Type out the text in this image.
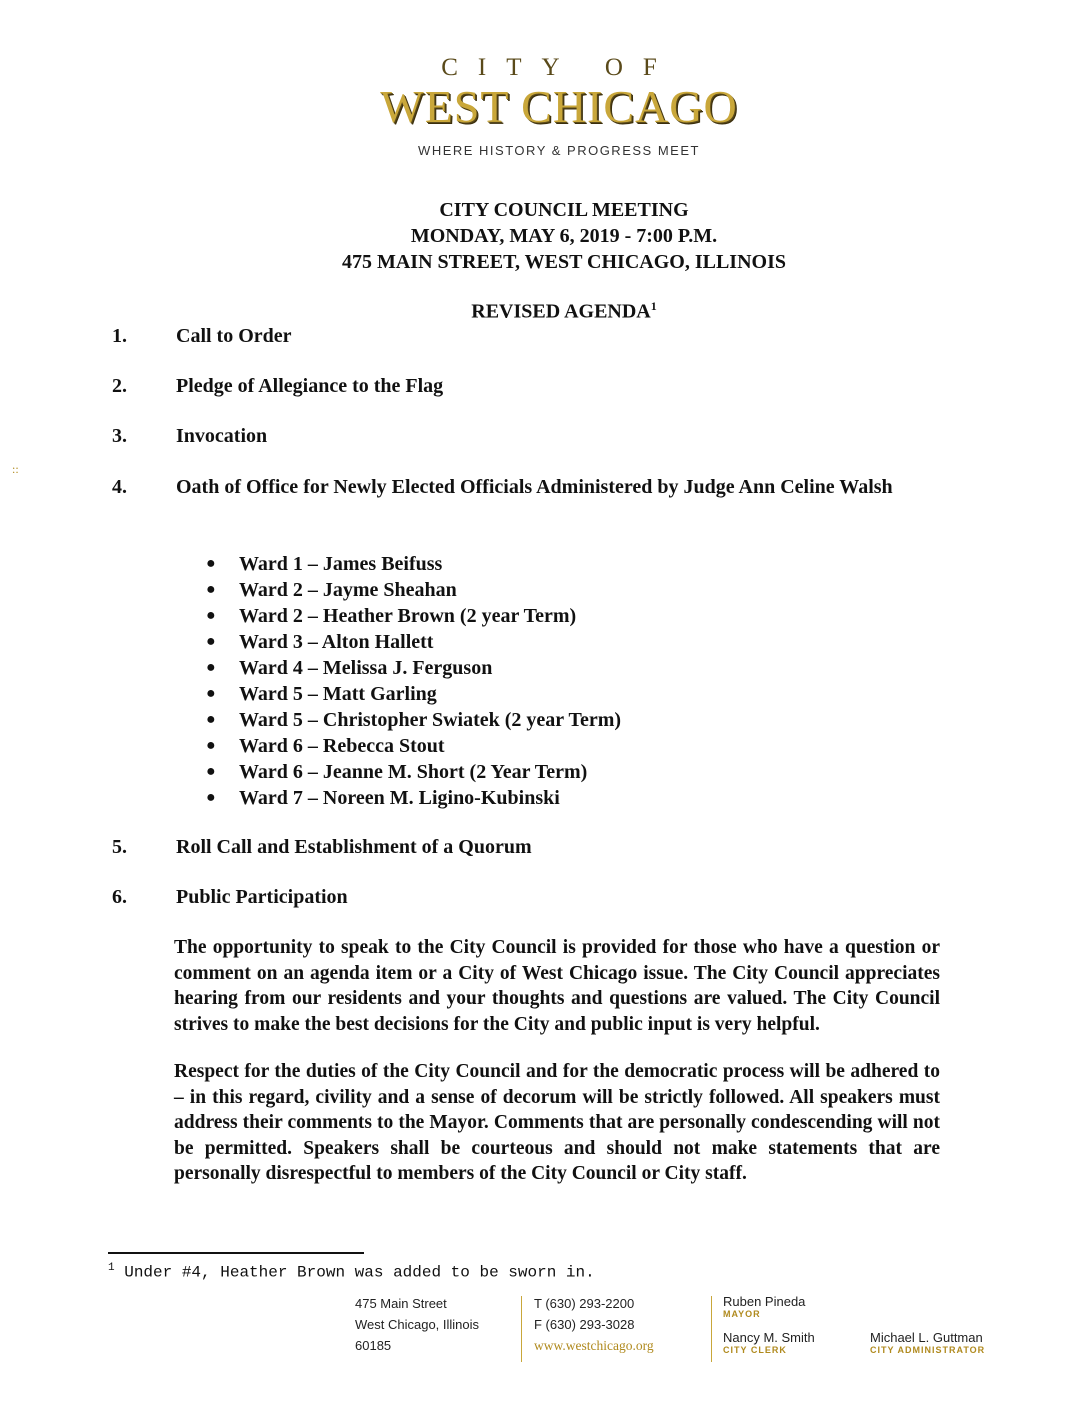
CITY OF
WEST CHICAGO
WHERE HISTORY & PROGRESS MEET
CITY COUNCIL MEETING
MONDAY, MAY 6, 2019 - 7:00 P.M.
475 MAIN STREET, WEST CHICAGO, ILLINOIS
REVISED AGENDA$^1$
1. Call to Order
2. Pledge of Allegiance to the Flag
3. Invocation
::
4. Oath of Office for Newly Elected Officials Administered by Judge Ann Celine Walsh
● Ward 1 – James Beifuss
● Ward 2 – Jayme Sheahan
● Ward 2 – Heather Brown (2 year Term)
● Ward 3 – Alton Hallett
● Ward 4 – Melissa J. Ferguson
● Ward 5 – Matt Garling
● Ward 5 – Christopher Swiatek (2 year Term)
● Ward 6 – Rebecca Stout
● Ward 6 – Jeanne M. Short (2 Year Term)
● Ward 7 – Noreen M. Ligino-Kubinski
5. Roll Call and Establishment of a Quorum
6. Public Participation
The opportunity to speak to the City Council is provided for those who have a question or comment on an agenda item or a City of West Chicago issue. The City Council appreciates hearing from our residents and your thoughts and questions are valued. The City Council strives to make the best decisions for the City and public input is very helpful.
Respect for the duties of the City Council and for the democratic process will be adhered to – in this regard, civility and a sense of decorum will be strictly followed. All speakers must address their comments to the Mayor. Comments that are personally condescending will not be permitted. Speakers shall be courteous and should not make statements that are personally disrespectful to members of the City Council or City staff.
$^1$ Under #4, Heather Brown was added to be sworn in.
475 Main Street
West Chicago, Illinois
60185
T (630) 293-2200
F (630) 293-3028
www.westchicago.org
Ruben Pineda
MAYOR
Nancy M. Smith
CITY CLERK
Michael L. Guttman
CITY ADMINISTRATOR
